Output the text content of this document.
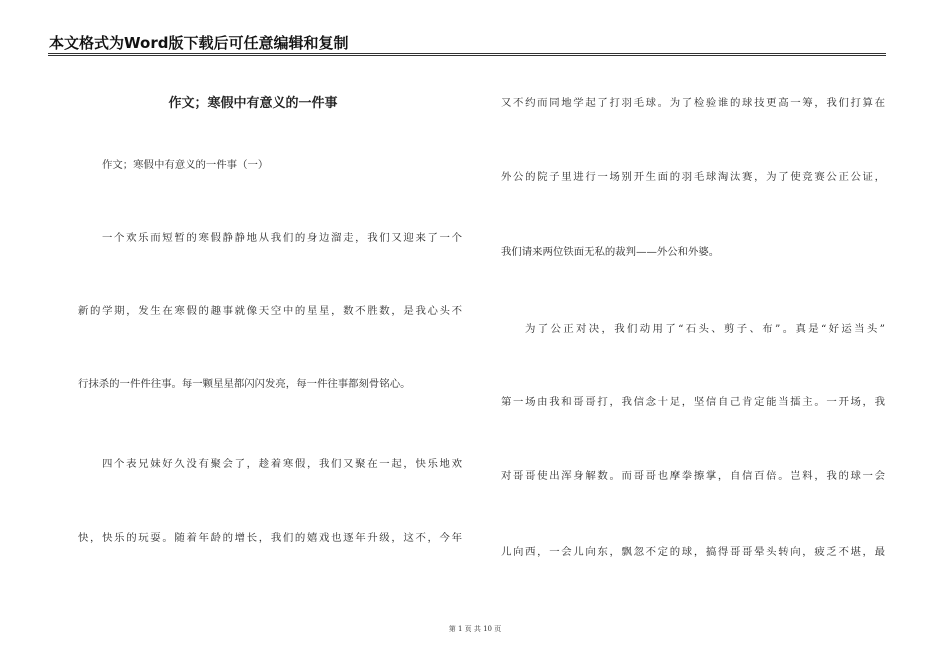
本文格式为Word版下载后可任意编辑和复制
作文；寒假中有意义的一件事
作文；寒假中有意义的一件事（一）
一个欢乐而短暂的寒假静静地从我们的身边溜走，我们又迎来了一个
新的学期，发生在寒假的趣事就像天空中的星星，数不胜数，是我心头不
行抹杀的一件件往事。每一颗星星都闪闪发亮，每一件往事都刻骨铭心。
四个表兄妹好久没有聚会了，趁着寒假，我们又聚在一起，快乐地欢
快，快乐的玩耍。随着年龄的增长，我们的嬉戏也逐年升级，这不，今年
又不约而同地学起了打羽毛球。为了检验谁的球技更高一筹，我们打算在
外公的院子里进行一场别开生面的羽毛球淘汰赛，为了使竞赛公正公证，
我们请来两位铁面无私的裁判——外公和外婆。
为了公正对决，我们动用了“石头、剪子、布”。真是“好运当头”
第一场由我和哥哥打，我信念十足，坚信自己肯定能当擂主。一开场，我
对哥哥使出浑身解数。而哥哥也摩拳擦掌，自信百倍。岂料，我的球一会
儿向西，一会儿向东，飘忽不定的球，搞得哥哥晕头转向，疲乏不堪，最
第 1 页 共 10 页
